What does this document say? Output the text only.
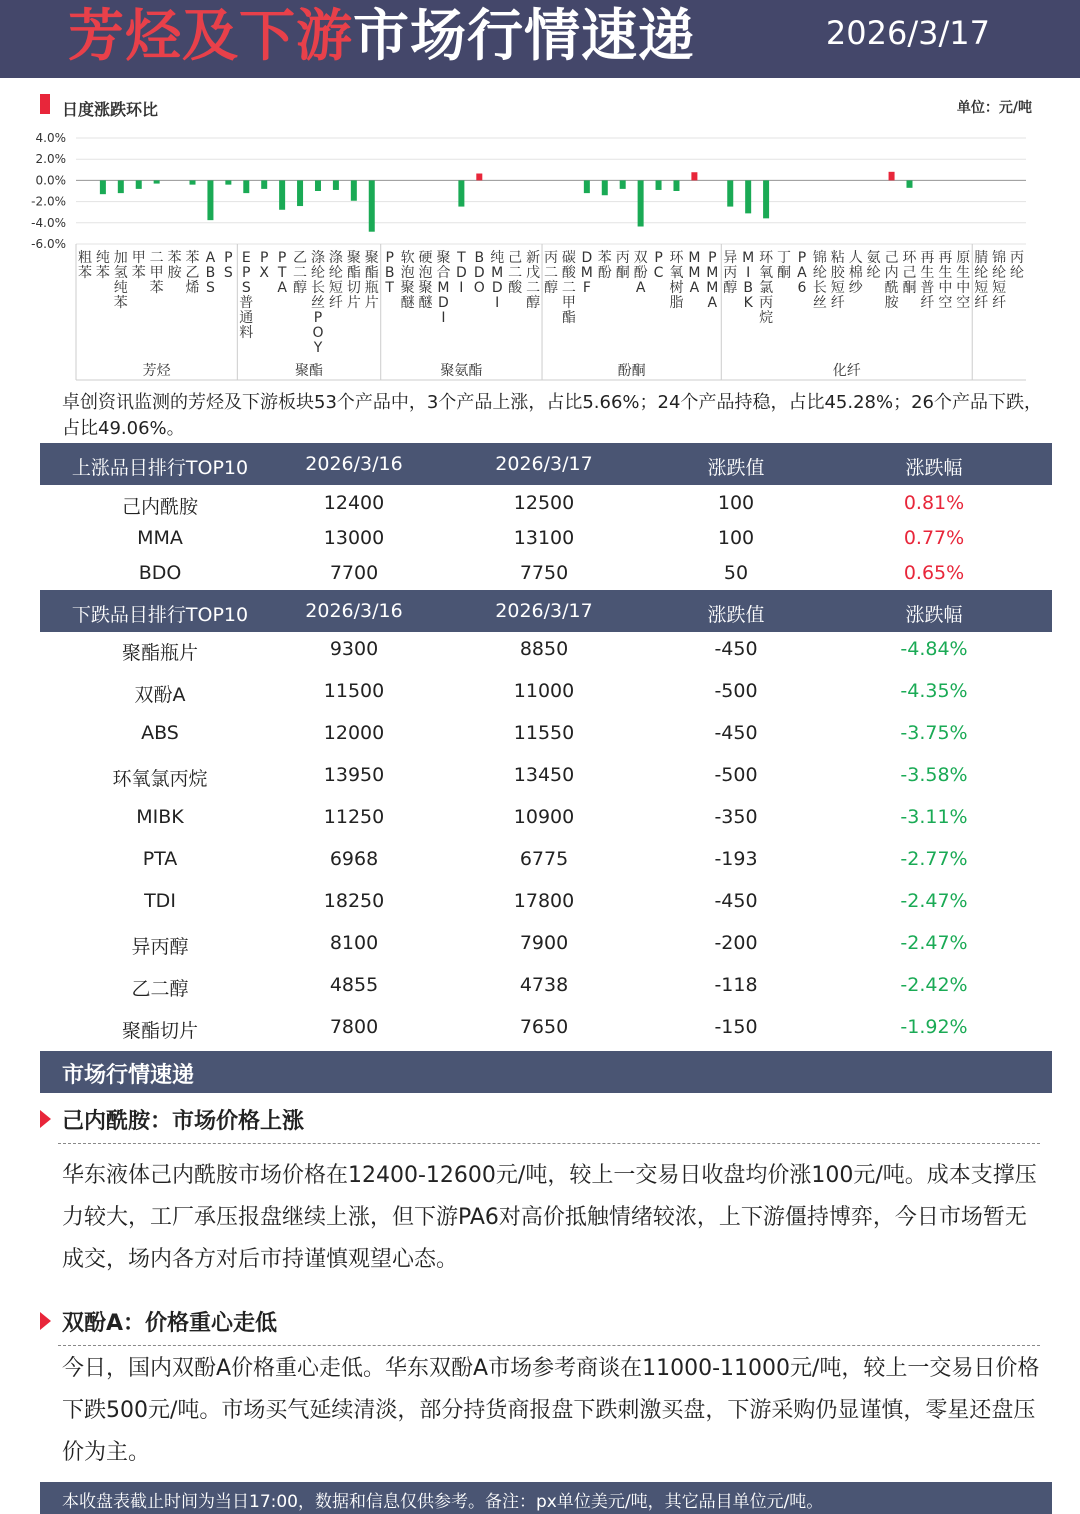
芳烃及下游市场行情速递	2026/3/17
日度涨跌环比	单位：元/吨
4.0%
2.0%
0.0%
-2.0%
-4.0%
-6.0%
粗苯
纯苯
加氢纯苯
甲苯
二甲苯
苯胺
苯乙烯
A B S
P S
E P S 普通料
P X
P T A
乙二醇
涤纶长丝 P O Y
涤纶短纤
聚酯切片
聚酯瓶片
P B T
软泡聚醚
硬泡聚醚
聚合 M D I
T D I
B D O
纯 M D I
己二酸
新戊二醇
丙二醇
碳酸二甲酯
D M F
苯酚
丙酮
双酚 A
P C
环氧树脂
M M A
P M M A
异丙醇
M I B K
环氧氯丙烷
丁酮
P A 6
锦纶长丝
粘胶短纤
人棉纱
氨纶
己内酰胺
环己酮
再生普纤
再生中空
原生中空
腈纶短纤
锦纶短纤
丙纶
芳烃	聚酯	聚氨酯	酚酮	化纤
卓创资讯监测的芳烃及下游板块53个产品中，3个产品上涨，占比5.66%；24个产品持稳，占比45.28%；26个产品下跌，占比49.06%。
上涨品目排行TOP10	2026/3/16	2026/3/17	涨跌值	涨跌幅
己内酰胺	12400	12500	100	0.81%
MMA	13000	13100	100	0.77%
BDO	7700	7750	50	0.65%
下跌品目排行TOP10	2026/3/16	2026/3/17	涨跌值	涨跌幅
聚酯瓶片	9300	8850	-450	-4.84%
双酚A	11500	11000	-500	-4.35%
ABS	12000	11550	-450	-3.75%
环氧氯丙烷	13950	13450	-500	-3.58%
MIBK	11250	10900	-350	-3.11%
PTA	6968	6775	-193	-2.77%
TDI	18250	17800	-450	-2.47%
异丙醇	8100	7900	-200	-2.47%
乙二醇	4855	4738	-118	-2.42%
聚酯切片	7800	7650	-150	-1.92%
市场行情速递
己内酰胺：市场价格上涨
华东液体己内酰胺市场价格在12400-12600元/吨，较上一交易日收盘均价涨100元/吨。成本支撑压力较大，工厂承压报盘继续上涨，但下游PA6对高价抵触情绪较浓，上下游僵持博弈，今日市场暂无成交，场内各方对后市持谨慎观望心态。
双酚A：价格重心走低
今日，国内双酚A价格重心走低。华东双酚A市场参考商谈在11000-11000元/吨，较上一交易日价格下跌500元/吨。市场买气延续清淡，部分持货商报盘下跌刺激买盘，下游采购仍显谨慎，零星还盘压价为主。
本收盘表截止时间为当日17:00，数据和信息仅供参考。备注：px单位美元/吨，其它品目单位元/吨。
